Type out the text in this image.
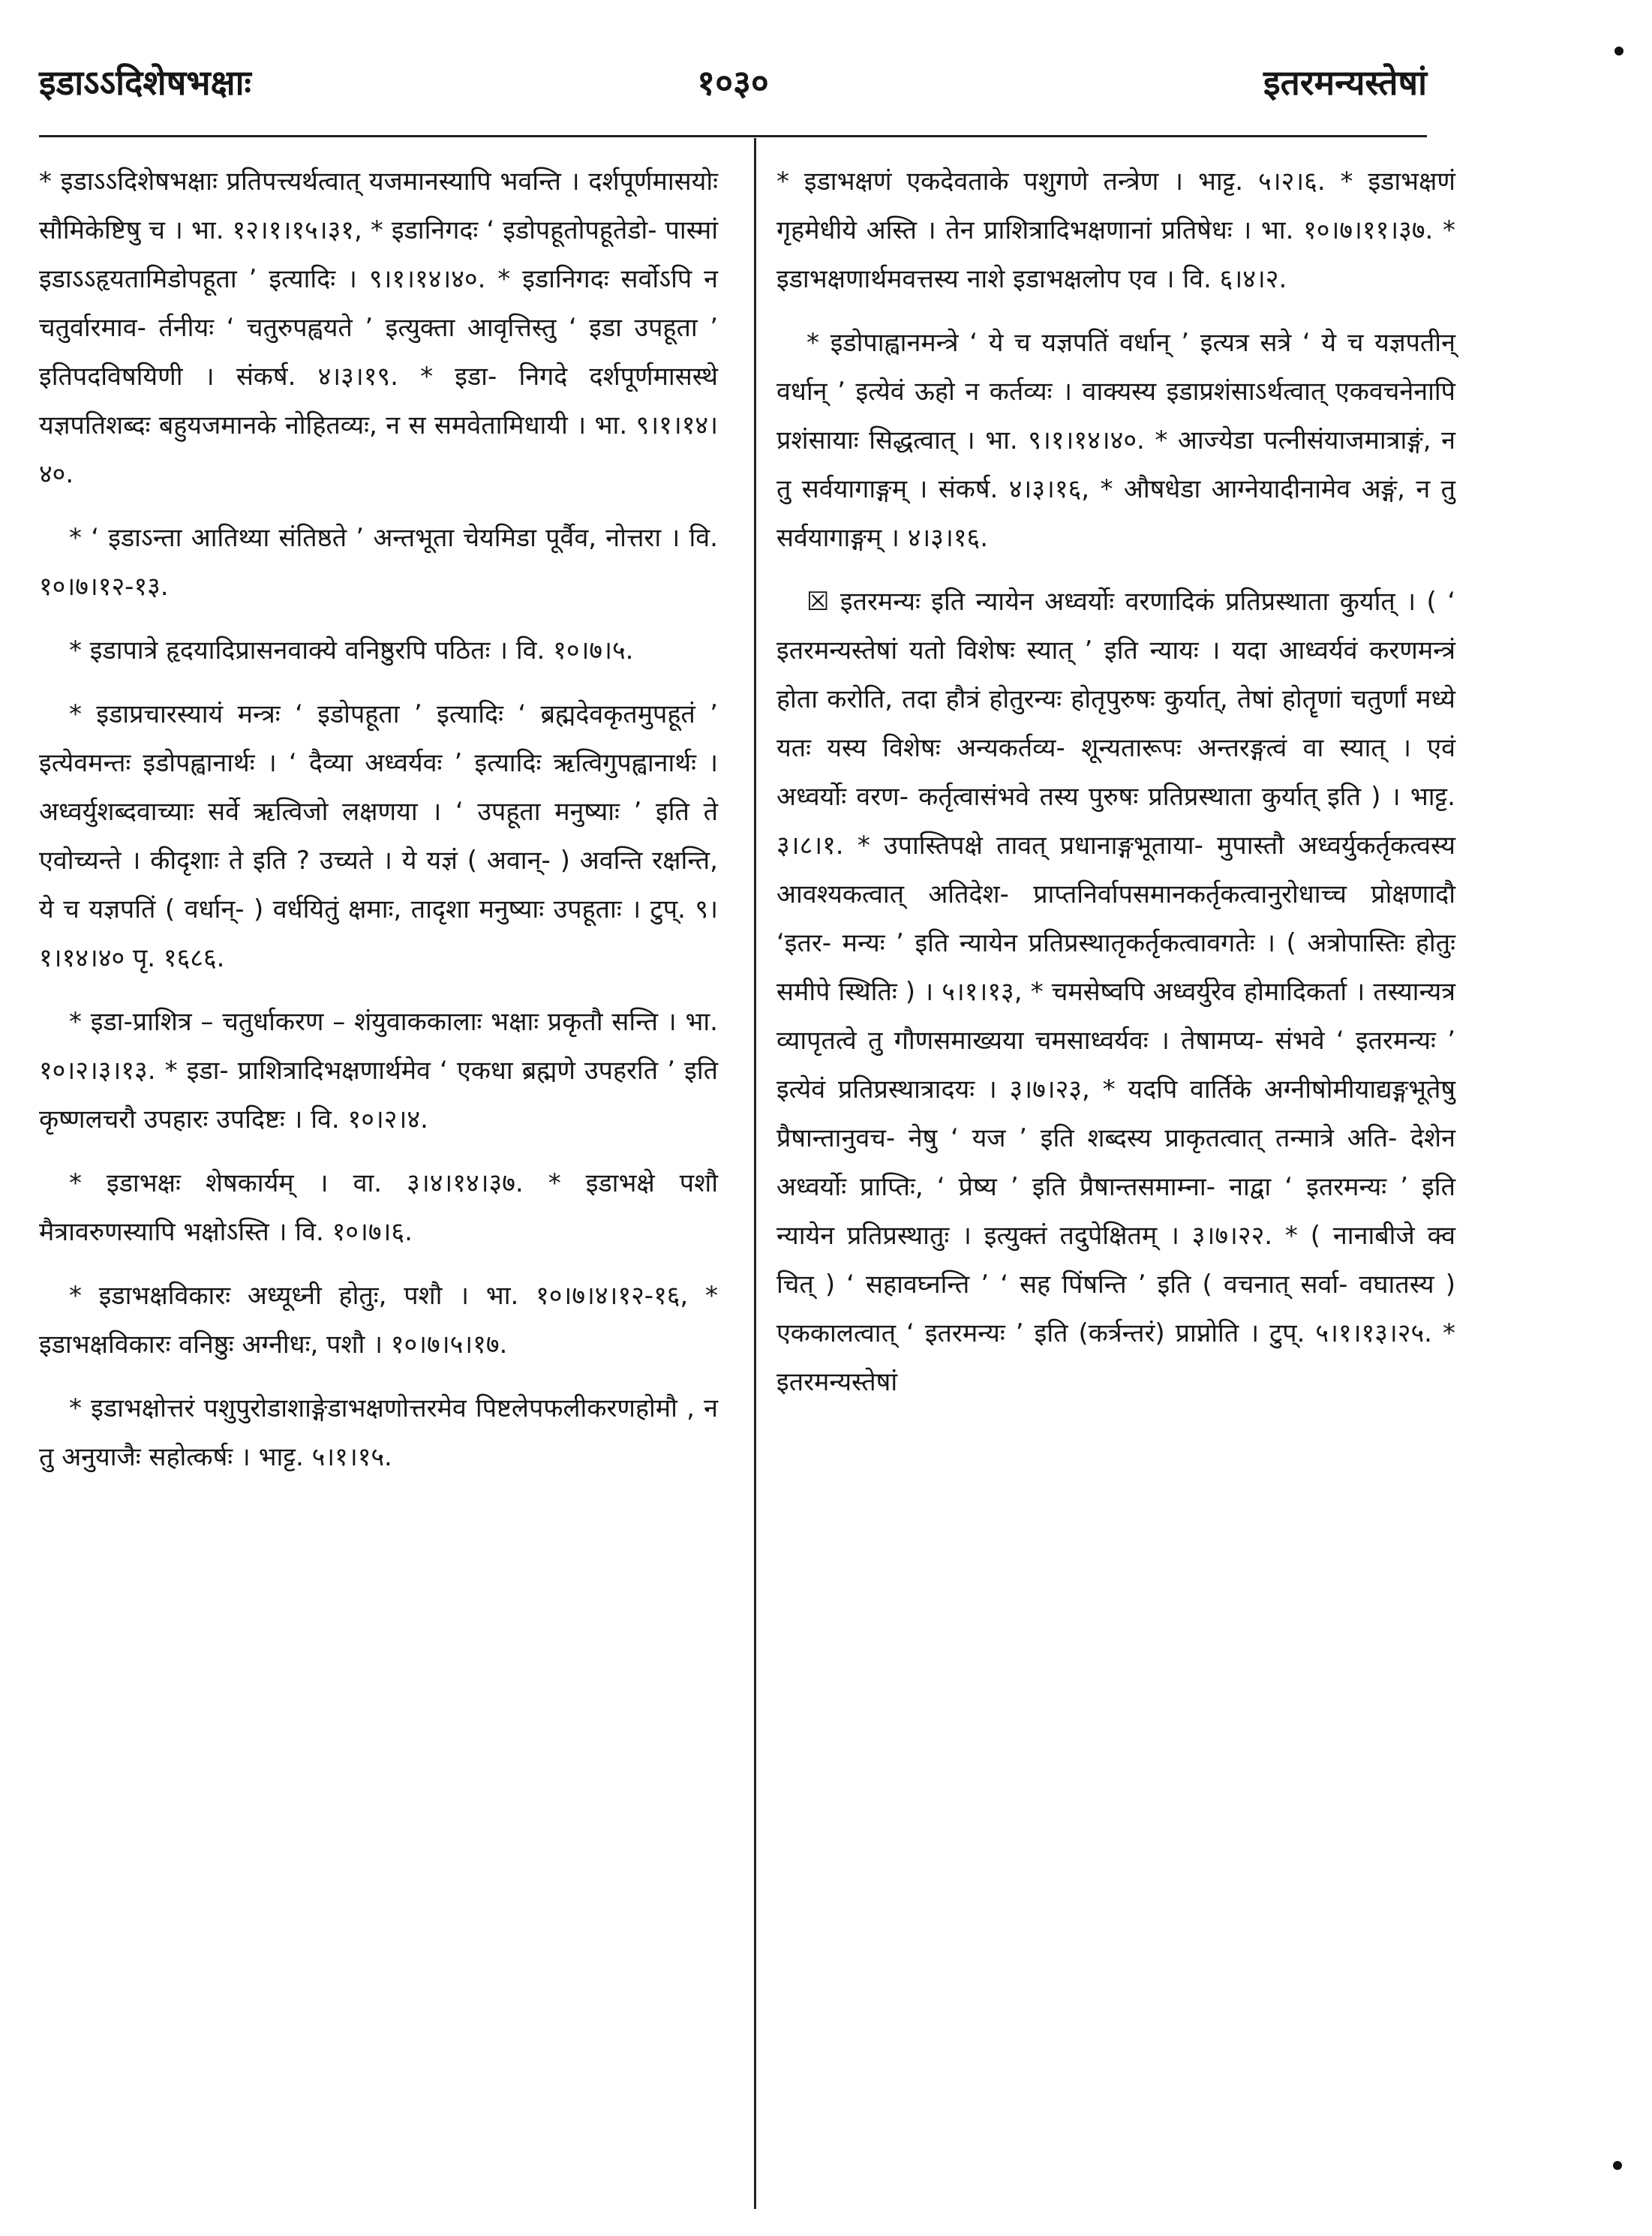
१०३०
इडाऽऽदिशेषभक्षाः	इतरमन्यस्तेषां

* इडाऽऽदिशेषभक्षाः प्रतिपत्त्यर्थत्वात् यजमानस्यापि भवन्ति । दर्शपूर्णमासयोः सौमिकेष्टिषु च । भा. १२।१।१५।३१, * इडानिगदः ‘ इडोपहूतोपहूतेडो- पास्मां इडाऽऽहृयतामिडोपहूता ’ इत्यादिः । ९।१।१४।४०. * इडानिगदः सर्वोऽपि न चतुर्वारमाव- र्तनीयः ‘ चतुरुपह्वयते ’ इत्युक्ता आवृत्तिस्तु ‘ इडा उपहूता ’ इतिपदविषयिणी । संकर्ष. ४।३।१९. * इडा- निगदे दर्शपूर्णमासस्थे यज्ञपतिशब्दः बहुयजमानके नोहितव्यः, न स समवेतामिधायी । भा. ९।१।१४।४०.

* ‘ इडाऽन्ता आतिथ्या संतिष्ठते ’ अन्तभूता चेयमिडा पूर्वैव, नोत्तरा । वि. १०।७।१२-१३.

* इडापात्रे हृदयादिप्रासनवाक्ये वनिष्ठुरपि पठितः । वि. १०।७।५.

* इडाप्रचारस्यायं मन्त्रः ‘ इडोपहूता ’ इत्यादिः ‘ ब्रह्मदेवकृतमुपहूतं ’ इत्येवमन्तः इडोपह्वानार्थः । ‘ दैव्या अध्वर्यवः ’ इत्यादिः ऋत्विगुपह्वानार्थः । अध्वर्युशब्दवाच्याः सर्वे ऋत्विजो लक्षणया । ‘ उपहूता मनुष्याः ’ इति ते एवोच्यन्ते । कीदृशाः ते इति ? उच्यते । ये यज्ञं ( अवान्- ) अवन्ति रक्षन्ति, ये च यज्ञपतिं ( वर्धान्- ) वर्धयितुं क्षमाः, तादृशा मनुष्याः उपहूताः । टुप्. ९।१।१४।४० पृ. १६८६.

* इडा-प्राशित्र – चतुर्धाकरण – शंयुवाककालाः भक्षाः प्रकृतौ सन्ति । भा. १०।२।३।१३. * इडा- प्राशित्रादिभक्षणार्थमेव ‘ एकधा ब्रह्मणे उपहरति ’ इति कृष्णलचरौ उपहारः उपदिष्टः । वि. १०।२।४.

* इडाभक्षः शेषकार्यम् । वा. ३।४।१४।३७. * इडाभक्षे पशौ मैत्रावरुणस्यापि भक्षोऽस्ति । वि. १०।७।६.

* इडाभक्षविकारः अध्यूध्नी होतुः, पशौ । भा. १०।७।४।१२-१६, * इडाभक्षविकारः वनिष्ठुः अग्नीधः, पशौ । १०।७।५।१७.

* इडाभक्षोत्तरं पशुपुरोडाशाङ्गेडाभक्षणोत्तरमेव पिष्टलेपफलीकरणहोमौ , न तु अनुयाजैः सहोत्कर्षः । भाट्ट. ५।१।१५.

* इडाभक्षणं एकदेवताके पशुगणे तन्त्रेण । भाट्ट. ५।२।६. * इडाभक्षणं गृहमेधीये अस्ति । तेन प्राशित्रादिभक्षणानां प्रतिषेधः । भा. १०।७।११।३७. * इडाभक्षणार्थमवत्तस्य नाशे इडाभक्षलोप एव । वि. ६।४।२.

* इडोपाह्वानमन्त्रे ‘ ये च यज्ञपतिं वर्धान् ’ इत्यत्र सत्रे ‘ ये च यज्ञपतीन् वर्धान् ’ इत्येवं ऊहो न कर्तव्यः । वाक्यस्य इडाप्रशंसाऽर्थत्वात् एकवचनेनापि प्रशंसायाः सिद्धत्वात् । भा. ९।१।१४।४०. * आज्येडा पत्नीसंयाजमात्राङ्गं, न तु सर्वयागाङ्गम् । संकर्ष. ४।३।१६, * औषधेडा आग्नेयादीनामेव अङ्गं, न तु सर्वयागाङ्गम् । ४।३।१६.

☒ इतरमन्यः इति न्यायेन अध्वर्योः वरणादिकं प्रतिप्रस्थाता कुर्यात् । ( ‘ इतरमन्यस्तेषां यतो विशेषः स्यात् ’ इति न्यायः । यदा आध्वर्यवं करणमन्त्रं होता करोति, तदा हौत्रं होतुरन्यः होतृपुरुषः कुर्यात्, तेषां होतॄणां चतुर्णां मध्ये यतः यस्य विशेषः अन्यकर्तव्य- शून्यतारूपः अन्तरङ्गत्वं वा स्यात् । एवं अध्वर्योः वरण- कर्तृत्वासंभवे तस्य पुरुषः प्रतिप्रस्थाता कुर्यात् इति ) । भाट्ट. ३।८।१. * उपास्तिपक्षे तावत् प्रधानाङ्गभूताया- मुपास्तौ अध्वर्युकर्तृकत्वस्य आवश्यकत्वात् अतिदेश- प्राप्तनिर्वापसमानकर्तृकत्वानुरोधाच्च प्रोक्षणादौ ‘इतर- मन्यः ’ इति न्यायेन प्रतिप्रस्थातृकर्तृकत्वावगतेः । ( अत्रोपास्तिः होतुः समीपे स्थितिः ) । ५।१।१३, * चमसेष्वपि अध्वर्युरेव होमादिकर्ता । तस्यान्यत्र व्यापृतत्वे तु गौणसमाख्यया चमसाध्वर्यवः । तेषामप्य- संभवे ‘ इतरमन्यः ’ इत्येवं प्रतिप्रस्थात्रादयः । ३।७।२३, * यदपि वार्तिके अग्नीषोमीयाद्यङ्गभूतेषु प्रैषान्तानुवच- नेषु ‘ यज ’ इति शब्दस्य प्राकृतत्वात् तन्मात्रे अति- देशेन अध्वर्योः प्राप्तिः, ‘ प्रेष्य ’ इति प्रैषान्तसमाम्ना- नाद्वा ‘ इतरमन्यः ’ इति न्यायेन प्रतिप्रस्थातुः । इत्युक्तं तदुपेक्षितम् । ३।७।२२. * ( नानाबीजे क्व चित् ) ‘ सहावघ्नन्ति ’ ‘ सह पिंषन्ति ’ इति ( वचनात् सर्वा- वघातस्य ) एककालत्वात् ‘ इतरमन्यः ’ इति (कर्त्रन्तरं) प्राप्नोति । टुप्. ५।१।१३।२५. * इतरमन्यस्तेषां
